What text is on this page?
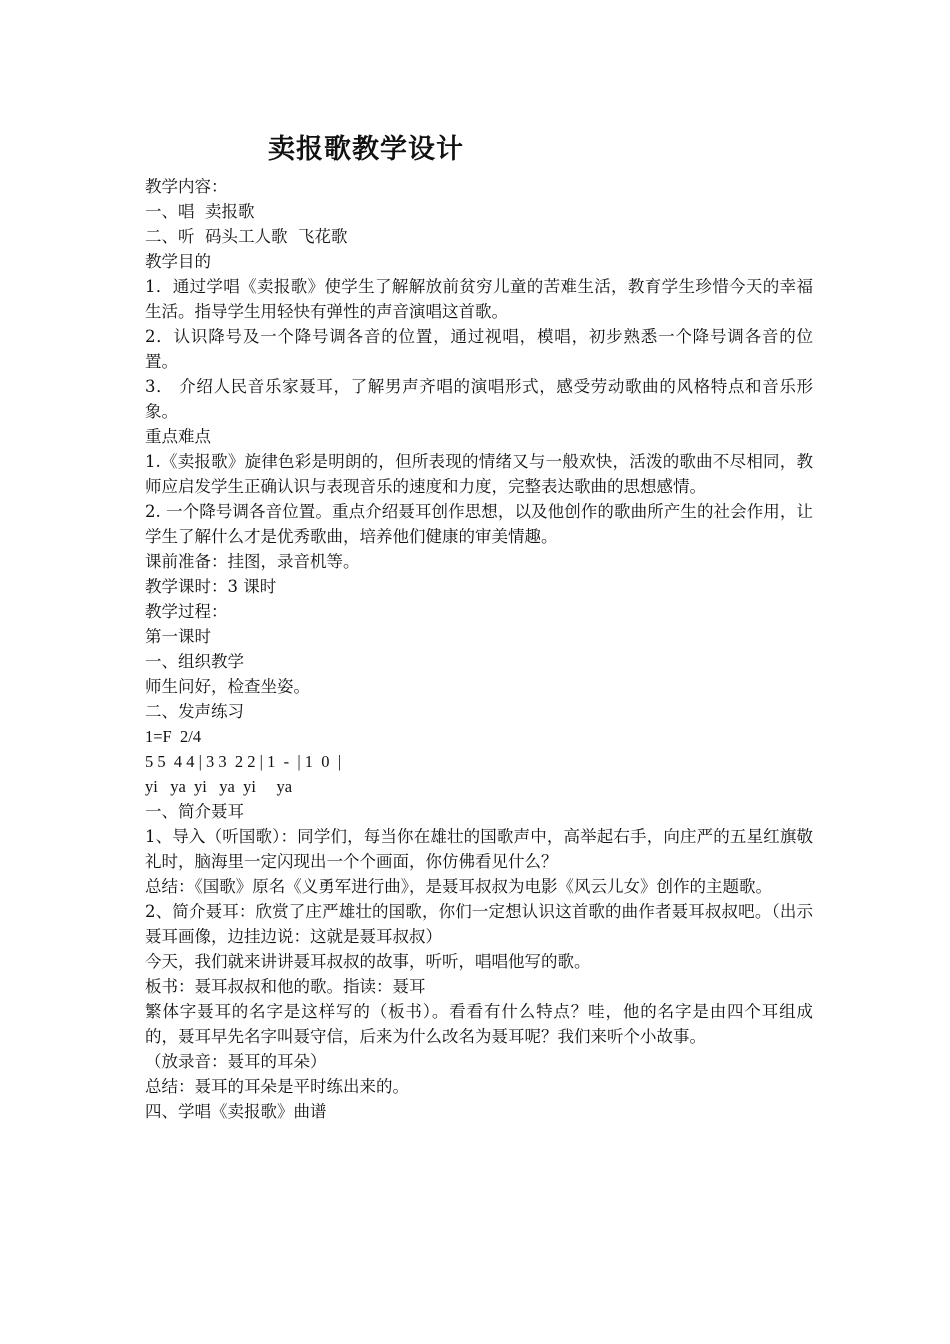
卖报歌教学设计

教学内容：

一、唱  卖报歌

二、听  码头工人歌  飞花歌

教学目的

1．通过学唱《卖报歌》使学生了解解放前贫穷儿童的苦难生活，教育学生珍惜今天的幸福生活。指导学生用轻快有弹性的声音演唱这首歌。

2．认识降号及一个降号调各音的位置，通过视唱，模唱，初步熟悉一个降号调各音的位置。

3． 介绍人民音乐家聂耳，了解男声齐唱的演唱形式，感受劳动歌曲的风格特点和音乐形象。

重点难点

1.《卖报歌》旋律色彩是明朗的，但所表现的情绪又与一般欢快，活泼的歌曲不尽相同，教师应启发学生正确认识与表现音乐的速度和力度，完整表达歌曲的思想感情。

2. 一个降号调各音位置。重点介绍聂耳创作思想，以及他创作的歌曲所产生的社会作用，让学生了解什么才是优秀歌曲，培养他们健康的审美情趣。

课前准备：挂图，录音机等。

教学课时：3 课时

教学过程：

第一课时

一、组织教学

师生问好，检查坐姿。

二、发声练习

1=F  2/4

5 5  4 4 | 3 3  2 2 | 1  -  | 1  0  |

yi   ya  yi   ya  yi     ya

一、简介聂耳

1、导入（听国歌）：同学们，每当你在雄壮的国歌声中，高举起右手，向庄严的五星红旗敬礼时，脑海里一定闪现出一个个画面，你仿佛看见什么？

总结：《国歌》原名《义勇军进行曲》，是聂耳叔叔为电影《风云儿女》创作的主题歌。

2、简介聂耳：欣赏了庄严雄壮的国歌，你们一定想认识这首歌的曲作者聂耳叔叔吧。（出示聂耳画像，边挂边说：这就是聂耳叔叔）

今天，我们就来讲讲聂耳叔叔的故事，听听，唱唱他写的歌。

板书：聂耳叔叔和他的歌。指读：聂耳

繁体字聂耳的名字是这样写的（板书）。看看有什么特点？哇，他的名字是由四个耳组成的，聂耳早先名字叫聂守信，后来为什么改名为聂耳呢？我们来听个小故事。

（放录音：聂耳的耳朵）

总结：聂耳的耳朵是平时练出来的。

四、学唱《卖报歌》曲谱
